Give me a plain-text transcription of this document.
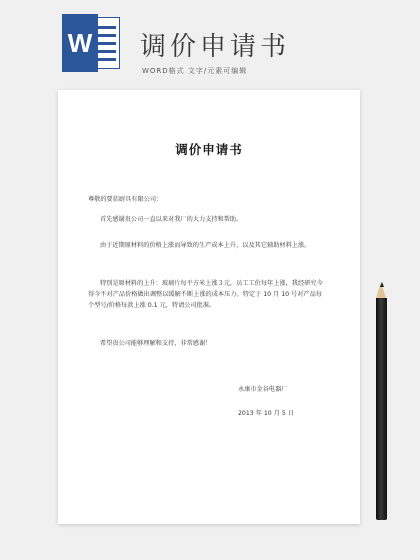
W 调价申请书
WORD格式 文字/元素可编辑
调价申请书
尊敬的要括厨具有限公司：
首先感谢贵公司一直以来对我厂的大力支持和帮助。
由于近期原材料的价格上涨而导致的生产成本上升，以及其它辅助材料上涨。
特别是原材料的上升：玻璃片每平方米上涨３元，员工工价每年上涨，我经研究今得今不对产品价格做出调整以缓解不断上涨的成本压力。特定于 10 月 10 号对产品每个型号/价格每款上涨 0.1 元，特请公司批准。
希望贵公司能够理解和支持，非常感谢！
永康市金谷电器厂
2013 年 10 月 5 日
